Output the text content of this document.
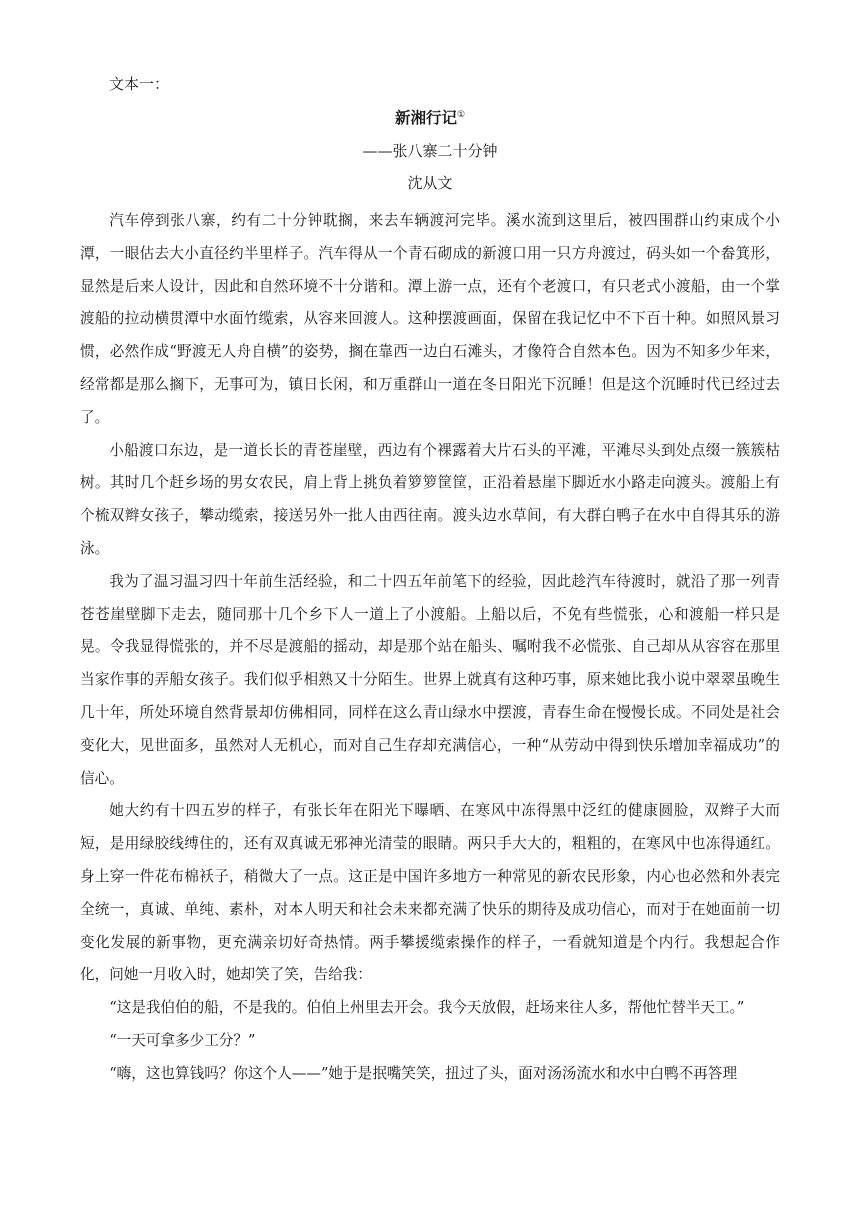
文本一：

新湘行记①

——张八寨二十分钟

沈从文

汽车停到张八寨，约有二十分钟耽搁，来去车辆渡河完毕。溪水流到这里后，被四围群山约束成个小潭，一眼估去大小直径约半里样子。汽车得从一个青石砌成的新渡口用一只方舟渡过，码头如一个畚箕形，显然是后来人设计，因此和自然环境不十分谐和。潭上游一点，还有个老渡口，有只老式小渡船，由一个掌渡船的拉动横贯潭中水面竹缆索，从容来回渡人。这种摆渡画面，保留在我记忆中不下百十种。如照风景习惯，必然作成“野渡无人舟自横”的姿势，搁在靠西一边白石滩头，才像符合自然本色。因为不知多少年来，经常都是那么搁下，无事可为，镇日长闲，和万重群山一道在冬日阳光下沉睡！但是这个沉睡时代已经过去了。

小船渡口东边，是一道长长的青苍崖壁，西边有个裸露着大片石头的平滩，平滩尽头到处点缀一簇簇枯树。其时几个赶乡场的男女农民，肩上背上挑负着箩箩筐筐，正沿着悬崖下脚近水小路走向渡头。渡船上有个梳双辫女孩子，攀动缆索，接送另外一批人由西往南。渡头边水草间，有大群白鸭子在水中自得其乐的游泳。

我为了温习温习四十年前生活经验，和二十四五年前笔下的经验，因此趁汽车待渡时，就沿了那一列青苍苍崖壁脚下走去，随同那十几个乡下人一道上了小渡船。上船以后，不免有些慌张，心和渡船一样只是晃。令我显得慌张的，并不尽是渡船的摇动，却是那个站在船头、嘱咐我不必慌张、自己却从从容容在那里当家作事的弄船女孩子。我们似乎相熟又十分陌生。世界上就真有这种巧事，原来她比我小说中翠翠虽晚生几十年，所处环境自然背景却仿佛相同，同样在这么青山绿水中摆渡，青春生命在慢慢长成。不同处是社会变化大，见世面多，虽然对人无机心，而对自己生存却充满信心，一种“从劳动中得到快乐增加幸福成功”的信心。

她大约有十四五岁的样子，有张长年在阳光下曝晒、在寒风中冻得黑中泛红的健康圆脸，双辫子大而短，是用绿胶线缚住的，还有双真诚无邪神光清莹的眼睛。两只手大大的，粗粗的，在寒风中也冻得通红。身上穿一件花布棉袄子，稍微大了一点。这正是中国许多地方一种常见的新农民形象，内心也必然和外表完全统一，真诚、单纯、素朴，对本人明天和社会未来都充满了快乐的期待及成功信心，而对于在她面前一切变化发展的新事物，更充满亲切好奇热情。两手攀援缆索操作的样子，一看就知道是个内行。我想起合作化，问她一月收入时，她却笑了笑，告给我：

“这是我伯伯的船，不是我的。伯伯上州里去开会。我今天放假，赶场来往人多，帮他忙替半天工。”

“一天可拿多少工分？”

“嗨，这也算钱吗？你这个人——”她于是抿嘴笑笑，扭过了头，面对汤汤流水和水中白鸭不再答理
